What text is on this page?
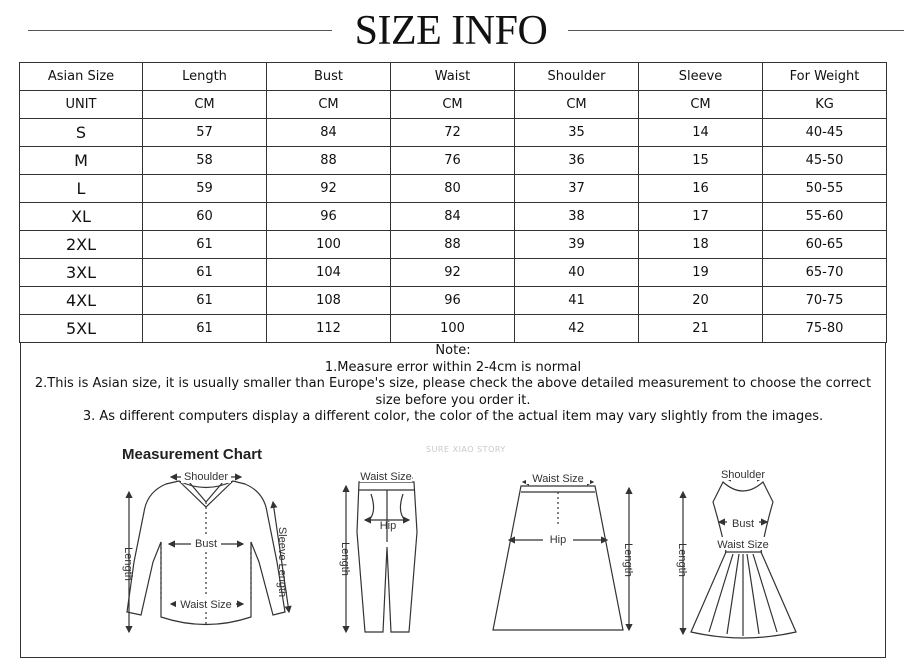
SIZE INFO
Asian Size	Length	Bust	Waist	Shoulder	Sleeve	For Weight
UNIT	CM	CM	CM	CM	CM	KG
S	57	84	72	35	14	40-45
M	58	88	76	36	15	45-50
L	59	92	80	37	16	50-55
XL	60	96	84	38	17	55-60
2XL	61	100	88	39	18	60-65
3XL	61	104	92	40	19	65-70
4XL	61	108	96	41	20	70-75
5XL	61	112	100	42	21	75-80
Note:
1.Measure error within 2-4cm is normal
2.This is Asian size, it is usually smaller than Europe's size, please check the above detailed measurement to choose the correct size before you order it.
3. As different computers display a different color, the color of the actual item may vary slightly from the images.
Measurement Chart	SURE XIAO STORY
Shoulder
Bust
Waist Size
Length	Sleeve Length
Waist Size
Hip
Length
Waist Size
Hip
Length
Shoulder
Bust
Waist Size
Length
